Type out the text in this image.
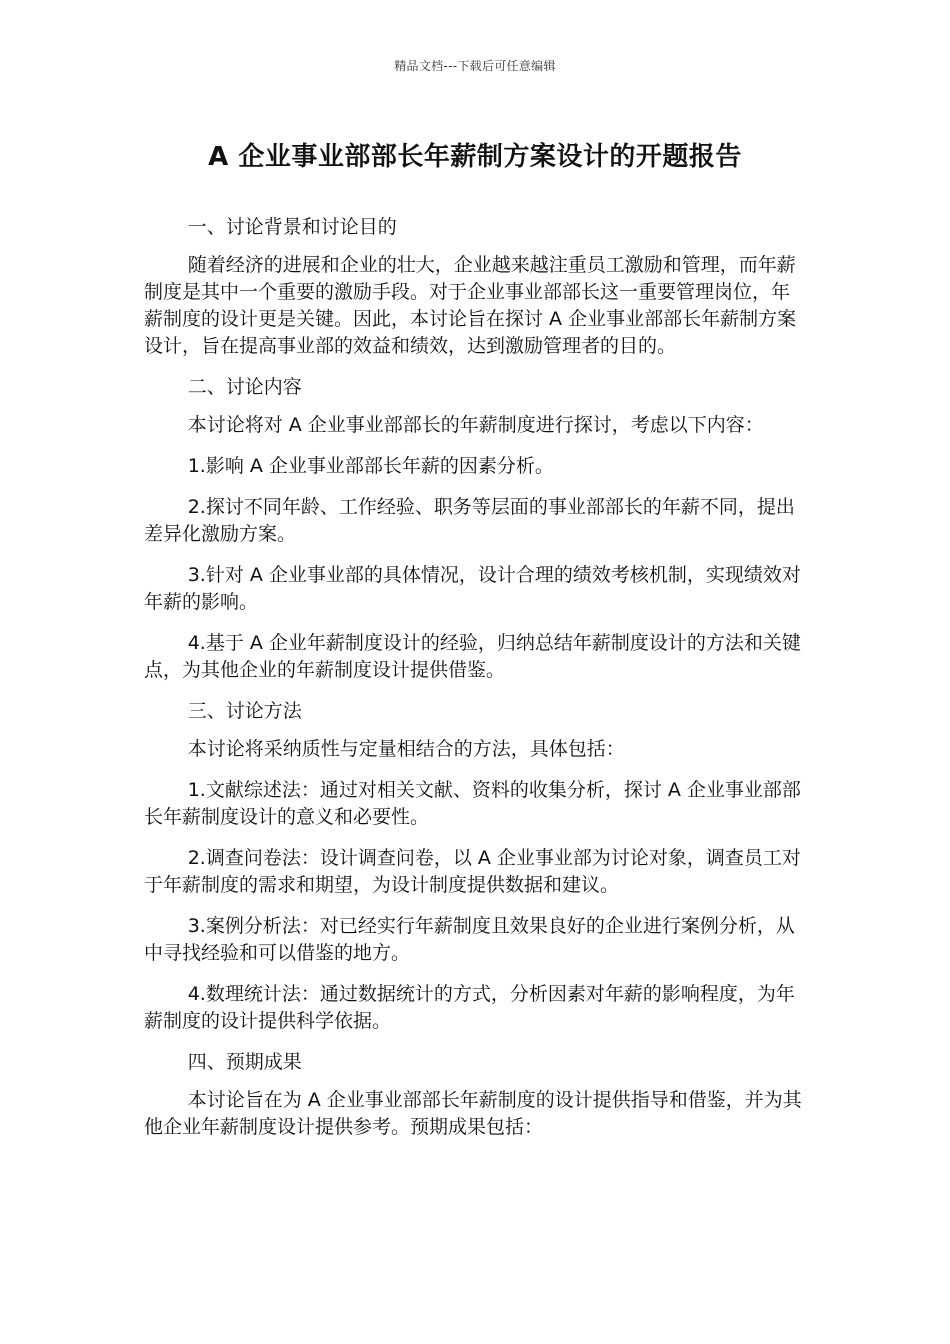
精品文档---下载后可任意编辑
A 企业事业部部长年薪制方案设计的开题报告

一、讨论背景和讨论目的

随着经济的进展和企业的壮大，企业越来越注重员工激励和管理，而年薪制度是其中一个重要的激励手段。对于企业事业部部长这一重要管理岗位，年薪制度的设计更是关键。因此，本讨论旨在探讨 A 企业事业部部长年薪制方案设计，旨在提高事业部的效益和绩效，达到激励管理者的目的。

二、讨论内容

本讨论将对 A 企业事业部部长的年薪制度进行探讨，考虑以下内容：

1.影响 A 企业事业部部长年薪的因素分析。

2.探讨不同年龄、工作经验、职务等层面的事业部部长的年薪不同，提出差异化激励方案。

3.针对 A 企业事业部的具体情况，设计合理的绩效考核机制，实现绩效对年薪的影响。

4.基于 A 企业年薪制度设计的经验，归纳总结年薪制度设计的方法和关键点，为其他企业的年薪制度设计提供借鉴。

三、讨论方法

本讨论将采纳质性与定量相结合的方法，具体包括：

1.文献综述法：通过对相关文献、资料的收集分析，探讨 A 企业事业部部长年薪制度设计的意义和必要性。

2.调查问卷法：设计调查问卷，以 A 企业事业部为讨论对象，调查员工对于年薪制度的需求和期望，为设计制度提供数据和建议。

3.案例分析法：对已经实行年薪制度且效果良好的企业进行案例分析，从中寻找经验和可以借鉴的地方。

4.数理统计法：通过数据统计的方式，分析因素对年薪的影响程度，为年薪制度的设计提供科学依据。

四、预期成果

本讨论旨在为 A 企业事业部部长年薪制度的设计提供指导和借鉴，并为其他企业年薪制度设计提供参考。预期成果包括：
